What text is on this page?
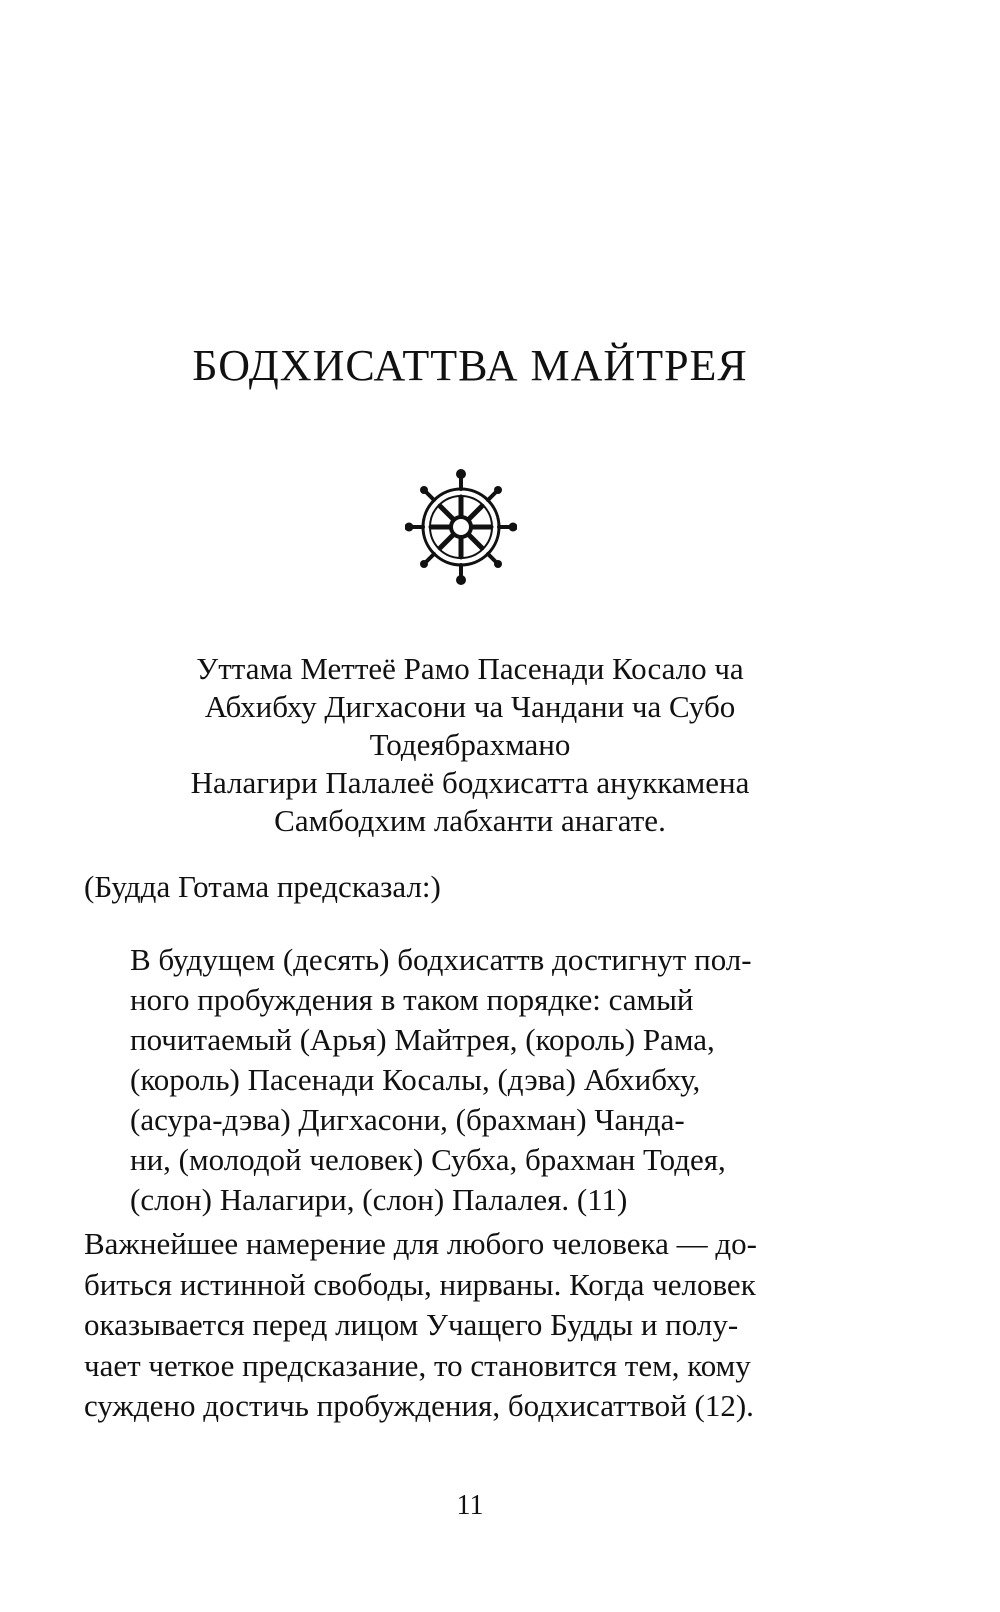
БОДХИСАТТВА МАЙТРЕЯ
Уттама Меттеё Рамо Пасенади Косало ча
Абхибху Дигхасони ча Чандани ча Субо
Тодеябрахмано
Налагири Палалеё бодхисатта ануккамена
Самбодхим лабханти анагате.
(Будда Готама предсказал:)
В будущем (десять) бодхисаттв достигнут пол-
ного пробуждения в таком порядке: самый
почитаемый (Арья) Майтрея, (король) Рама,
(король) Пасенади Косалы, (дэва) Абхибху,
(асура-дэва) Дигхасони, (брахман) Чанда-
ни, (молодой человек) Субха, брахман Тодея,
(слон) Налагири, (слон) Палалея. (11)
Важнейшее намерение для любого человека — до-
биться истинной свободы, нирваны. Когда человек
оказывается перед лицом Учащего Будды и полу-
чает четкое предсказание, то становится тем, кому
суждено достичь пробуждения, бодхисаттвой (12).
11
